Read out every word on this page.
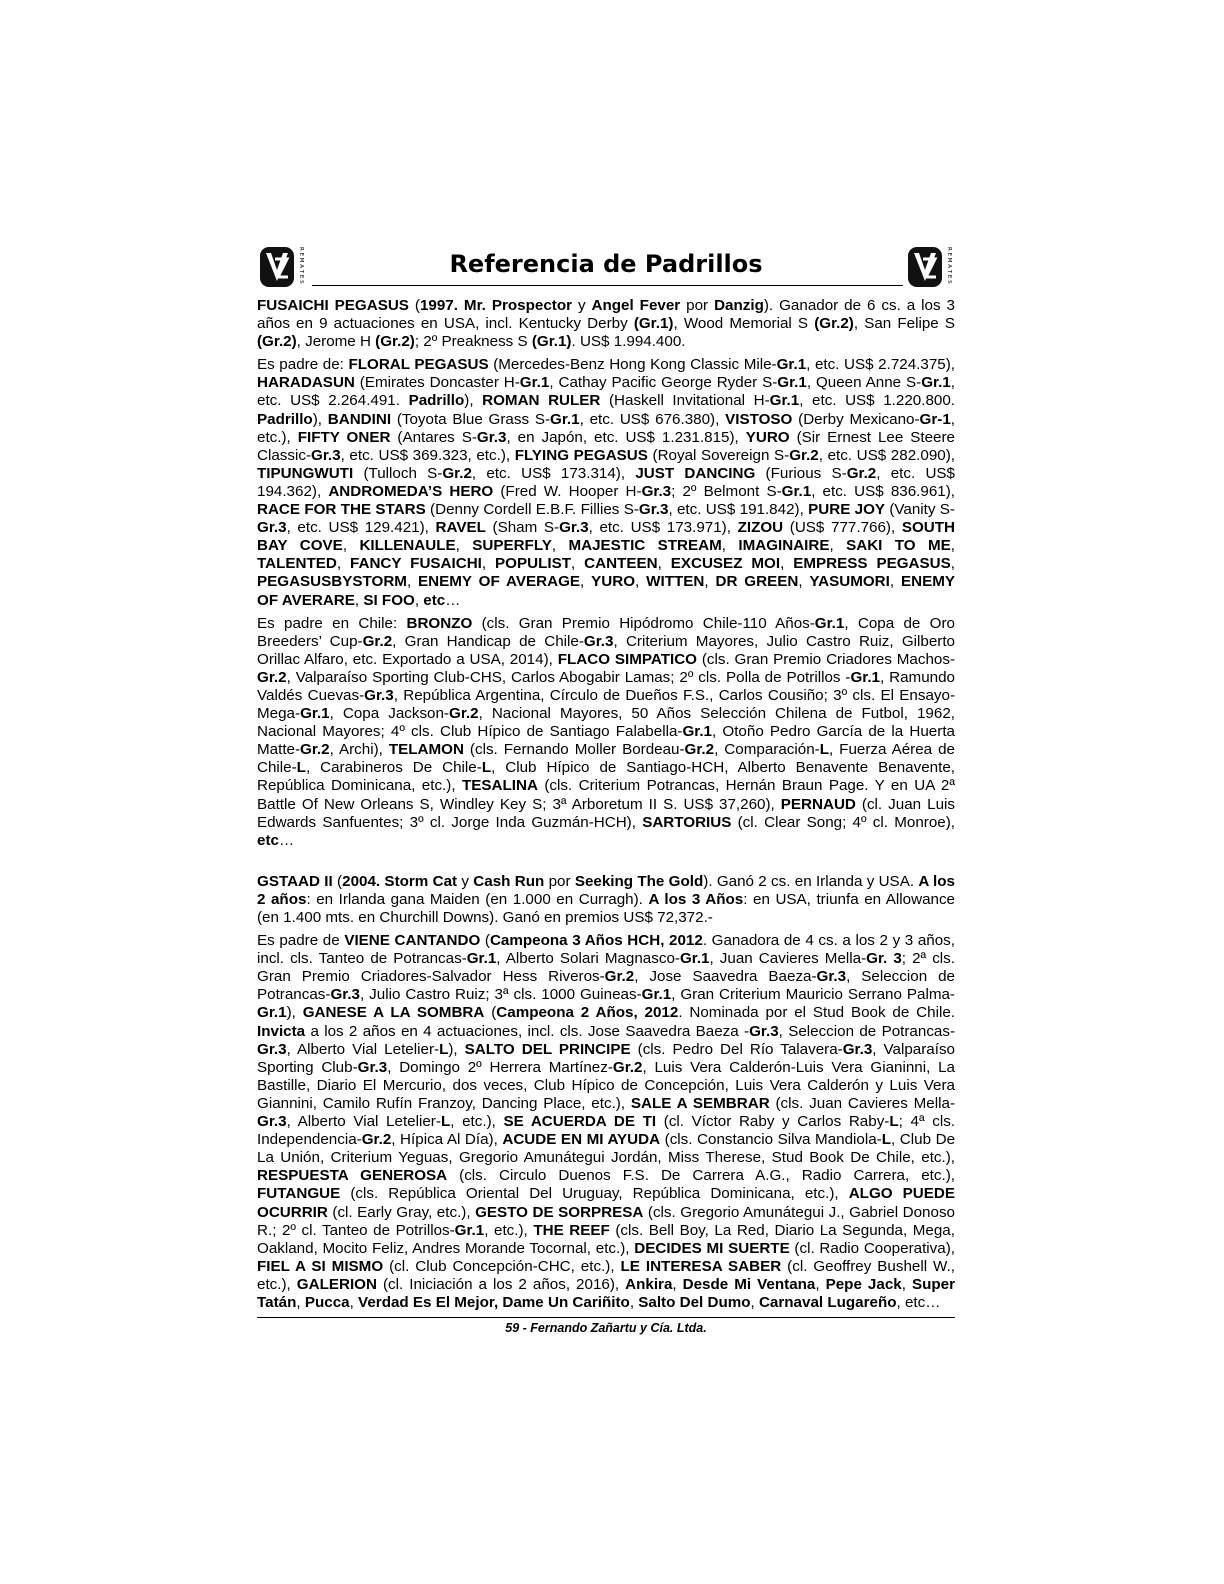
R E M A T E S	Referencia de Padrillos	R E M A T E S

FUSAICHI PEGASUS (1997. Mr. Prospector y Angel Fever por Danzig). Ganador de 6 cs. a los 3 años en 9 actuaciones en USA, incl. Kentucky Derby (Gr.1), Wood Memorial S (Gr.2), San Felipe S (Gr.2), Jerome H (Gr.2); 2º Preakness S (Gr.1). US$ 1.994.400.

Es padre de: FLORAL PEGASUS (Mercedes-Benz Hong Kong Classic Mile-Gr.1, etc. US$ 2.724.375), HARADASUN (Emirates Doncaster H-Gr.1, Cathay Pacific George Ryder S-Gr.1, Queen Anne S-Gr.1, etc. US$ 2.264.491. Padrillo), ROMAN RULER (Haskell Invitational H-Gr.1, etc. US$ 1.220.800. Padrillo), BANDINI (Toyota Blue Grass S-Gr.1, etc. US$ 676.380), VISTOSO (Derby Mexicano-Gr-1, etc.), FIFTY ONER (Antares S-Gr.3, en Japón, etc. US$ 1.231.815), YURO (Sir Ernest Lee Steere Classic-Gr.3, etc. US$ 369.323, etc.), FLYING PEGASUS (Royal Sovereign S-Gr.2, etc. US$ 282.090), TIPUNGWUTI (Tulloch S-Gr.2, etc. US$ 173.314), JUST DANCING (Furious S-Gr.2, etc. US$ 194.362), ANDROMEDA’S HERO (Fred W. Hooper H-Gr.3; 2º Belmont S-Gr.1, etc. US$ 836.961), RACE FOR THE STARS (Denny Cordell E.B.F. Fillies S-Gr.3, etc. US$ 191.842), PURE JOY (Vanity S-Gr.3, etc. US$ 129.421), RAVEL (Sham S-Gr.3, etc. US$ 173.971), ZIZOU (US$ 777.766), SOUTH BAY COVE, KILLENAULE, SUPERFLY, MAJESTIC STREAM, IMAGINAIRE, SAKI TO ME, TALENTED, FANCY FUSAICHI, POPULIST, CANTEEN, EXCUSEZ MOI, EMPRESS PEGASUS, PEGASUSBYSTORM, ENEMY OF AVERAGE, YURO, WITTEN, DR GREEN, YASUMORI, ENEMY OF AVERARE, SI FOO, etc…

Es padre en Chile: BRONZO (cls. Gran Premio Hipódromo Chile-110 Años-Gr.1, Copa de Oro Breeders’ Cup-Gr.2, Gran Handicap de Chile-Gr.3, Criterium Mayores, Julio Castro Ruiz, Gilberto Orillac Alfaro, etc. Exportado a USA, 2014), FLACO SIMPATICO (cls. Gran Premio Criadores Machos-Gr.2, Valparaíso Sporting Club-CHS, Carlos Abogabir Lamas; 2º cls. Polla de Potrillos -Gr.1, Ramundo Valdés Cuevas-Gr.3, República Argentina, Círculo de Dueños F.S., Carlos Cousiño; 3º cls. El Ensayo-Mega-Gr.1, Copa Jackson-Gr.2, Nacional Mayores, 50 Años Selección Chilena de Futbol, 1962, Nacional Mayores; 4º cls. Club Hípico de Santiago Falabella-Gr.1, Otoño Pedro García de la Huerta Matte-Gr.2, Archi), TELAMON (cls. Fernando Moller Bordeau-Gr.2, Comparación-L, Fuerza Aérea de Chile-L, Carabineros De Chile-L, Club Hípico de Santiago-HCH, Alberto Benavente Benavente, República Dominicana, etc.), TESALINA (cls. Criterium Potrancas, Hernán Braun Page. Y en UA 2ª Battle Of New Orleans S, Windley Key S; 3ª Arboretum II S. US$ 37,260), PERNAUD (cl. Juan Luis Edwards Sanfuentes; 3º cl. Jorge Inda Guzmán-HCH), SARTORIUS (cl. Clear Song; 4º cl. Monroe), etc…

GSTAAD II (2004. Storm Cat y Cash Run por Seeking The Gold). Ganó 2 cs. en Irlanda y USA. A los 2 años: en Irlanda gana Maiden (en 1.000 en Curragh). A los 3 Años: en USA, triunfa en Allowance (en 1.400 mts. en Churchill Downs). Ganó en premios US$ 72,372.-

Es padre de VIENE CANTANDO (Campeona 3 Años HCH, 2012. Ganadora de 4 cs. a los 2 y 3 años, incl. cls. Tanteo de Potrancas-Gr.1, Alberto Solari Magnasco-Gr.1, Juan Cavieres Mella-Gr. 3; 2ª cls. Gran Premio Criadores-Salvador Hess Riveros-Gr.2, Jose Saavedra Baeza-Gr.3, Seleccion de Potrancas-Gr.3, Julio Castro Ruiz; 3ª cls. 1000 Guineas-Gr.1, Gran Criterium Mauricio Serrano Palma-Gr.1), GANESE A LA SOMBRA (Campeona 2 Años, 2012. Nominada por el Stud Book de Chile. Invicta a los 2 años en 4 actuaciones, incl. cls. Jose Saavedra Baeza -Gr.3, Seleccion de Potrancas-Gr.3, Alberto Vial Letelier-L), SALTO DEL PRINCIPE (cls. Pedro Del Río Talavera-Gr.3, Valparaíso Sporting Club-Gr.3, Domingo 2º Herrera Martínez-Gr.2, Luis Vera Calderón-Luis Vera Gianinni, La Bastille, Diario El Mercurio, dos veces, Club Hípico de Concepción, Luis Vera Calderón y Luis Vera Giannini, Camilo Rufín Franzoy, Dancing Place, etc.), SALE A SEMBRAR (cls. Juan Cavieres Mella-Gr.3, Alberto Vial Letelier-L, etc.), SE ACUERDA DE TI (cl. Víctor Raby y Carlos Raby-L; 4ª cls. Independencia-Gr.2, Hípica Al Día), ACUDE EN MI AYUDA (cls. Constancio Silva Mandiola-L, Club De La Unión, Criterium Yeguas, Gregorio Amunátegui Jordán, Miss Therese, Stud Book De Chile, etc.), RESPUESTA GENEROSA (cls. Circulo Duenos F.S. De Carrera A.G., Radio Carrera, etc.), FUTANGUE (cls. República Oriental Del Uruguay, República Dominicana, etc.), ALGO PUEDE OCURRIR (cl. Early Gray, etc.), GESTO DE SORPRESA (cls. Gregorio Amunátegui J., Gabriel Donoso R.; 2º cl. Tanteo de Potrillos-Gr.1, etc.), THE REEF (cls. Bell Boy, La Red, Diario La Segunda, Mega, Oakland, Mocito Feliz, Andres Morande Tocornal, etc.), DECIDES MI SUERTE (cl. Radio Cooperativa), FIEL A SI MISMO (cl. Club Concepción-CHC, etc.), LE INTERESA SABER (cl. Geoffrey Bushell W., etc.), GALERION (cl. Iniciación a los 2 años, 2016), Ankira, Desde Mi Ventana, Pepe Jack, Super Tatán, Pucca, Verdad Es El Mejor, Dame Un Cariñito, Salto Del Dumo, Carnaval Lugareño, etc…

59 - Fernando Zañartu y Cía. Ltda.
